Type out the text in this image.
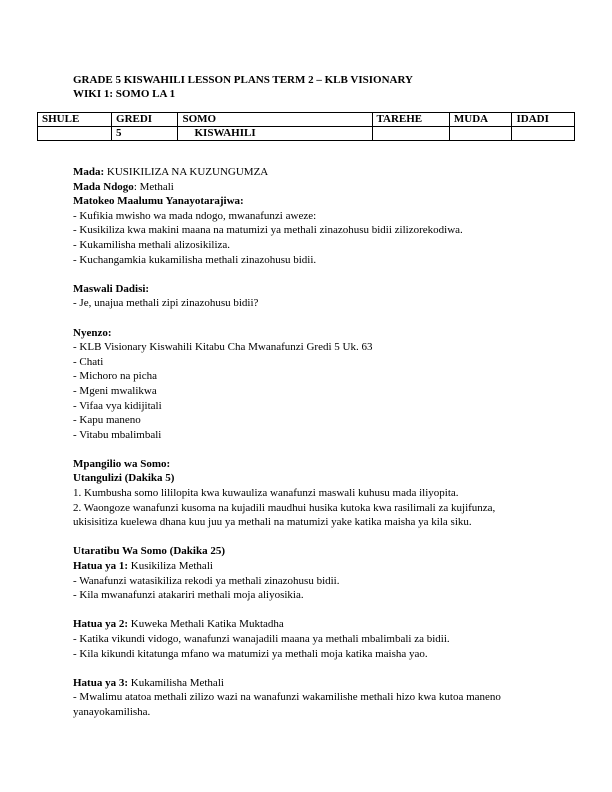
GRADE 5 KISWAHILI LESSON PLANS TERM 2 – KLB VISIONARY
WIKI 1: SOMO LA 1
SHULE	GREDI	SOMO	TAREHE	MUDA	IDADI
	5	KISWAHILI			
Mada: KUSIKILIZA NA KUZUNGUMZA
Mada Ndogo: Methali
Matokeo Maalumu Yanayotarajiwa:
- Kufikia mwisho wa mada ndogo, mwanafunzi aweze:
- Kusikiliza kwa makini maana na matumizi ya methali zinazohusu bidii zilizorekodiwa.
- Kukamilisha methali alizosikiliza.
- Kuchangamkia kukamilisha methali zinazohusu bidii.
Maswali Dadisi:
- Je, unajua methali zipi zinazohusu bidii?
Nyenzo:
- KLB Visionary Kiswahili Kitabu Cha Mwanafunzi Gredi 5 Uk. 63
- Chati
- Michoro na picha
- Mgeni mwalikwa
- Vifaa vya kidijitali
- Kapu maneno
- Vitabu mbalimbali
Mpangilio wa Somo:
Utangulizi (Dakika 5)
1. Kumbusha somo lililopita kwa kuwauliza wanafunzi maswali kuhusu mada iliyopita.
2. Waongoze wanafunzi kusoma na kujadili maudhui husika kutoka kwa rasilimali za kujifunza,
ukisisitiza kuelewa dhana kuu juu ya methali na matumizi yake katika maisha ya kila siku.
Utaratibu Wa Somo (Dakika 25)
Hatua ya 1: Kusikiliza Methali
- Wanafunzi watasikiliza rekodi ya methali zinazohusu bidii.
- Kila mwanafunzi atakariri methali moja aliyosikia.
Hatua ya 2: Kuweka Methali Katika Muktadha
- Katika vikundi vidogo, wanafunzi wanajadili maana ya methali mbalimbali za bidii.
- Kila kikundi kitatunga mfano wa matumizi ya methali moja katika maisha yao.
Hatua ya 3: Kukamilisha Methali
- Mwalimu atatoa methali zilizo wazi na wanafunzi wakamilishe methali hizo kwa kutoa maneno
yanayokamilisha.
